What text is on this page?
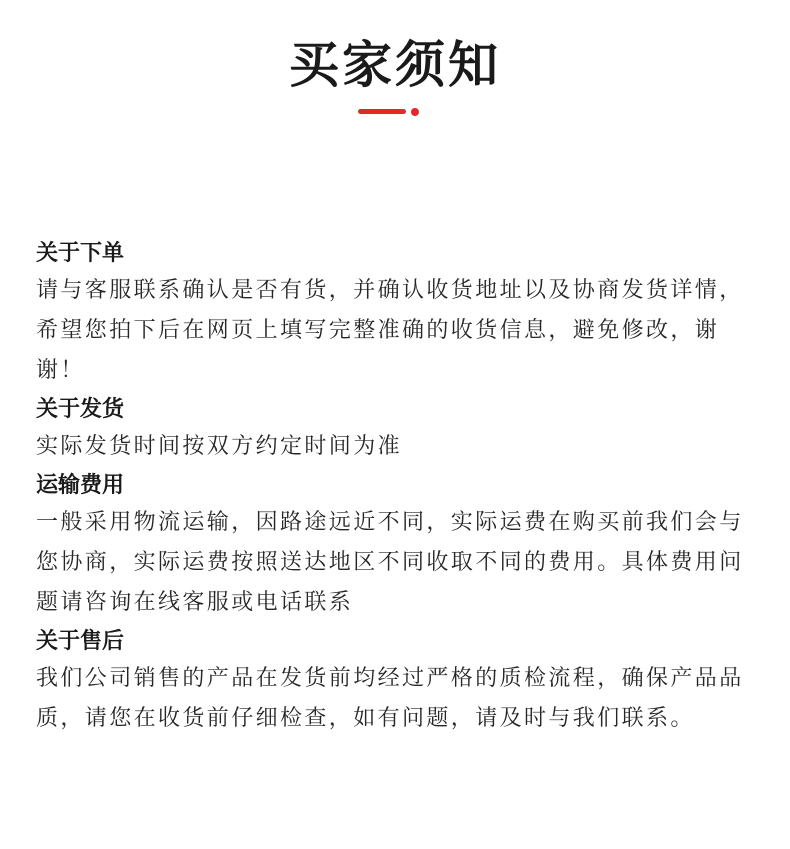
买家须知

关于下单

请与客服联系确认是否有货，并确认收货地址以及协商发货详情，希望您拍下后在网页上填写完整准确的收货信息，避免修改，谢谢！

关于发货

实际发货时间按双方约定时间为准

运输费用

一般采用物流运输，因路途远近不同，实际运费在购买前我们会与您协商，实际运费按照送达地区不同收取不同的费用。具体费用问题请咨询在线客服或电话联系

关于售后

我们公司销售的产品在发货前均经过严格的质检流程，确保产品品质，请您在收货前仔细检查，如有问题，请及时与我们联系。
